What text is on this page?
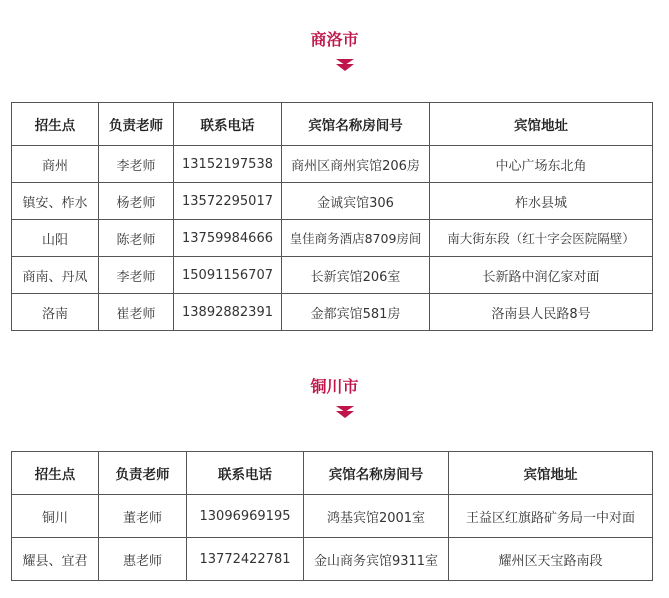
商洛市
招生点	负责老师	联系电话	宾馆名称房间号	宾馆地址
商州	李老师	13152197538	商州区商州宾馆206房	中心广场东北角
镇安、柞水	杨老师	13572295017	金诚宾馆306	柞水县城
山阳	陈老师	13759984666	皇佳商务酒店8709房间	南大街东段（红十字会医院隔壁）
商南、丹凤	李老师	15091156707	长新宾馆206室	长新路中润亿家对面
洛南	崔老师	13892882391	金都宾馆581房	洛南县人民路8号
铜川市
招生点	负责老师	联系电话	宾馆名称房间号	宾馆地址
铜川	董老师	13096969195	鸿基宾馆2001室	王益区红旗路矿务局一中对面
耀县、宜君	惠老师	13772422781	金山商务宾馆9311室	耀州区天宝路南段
